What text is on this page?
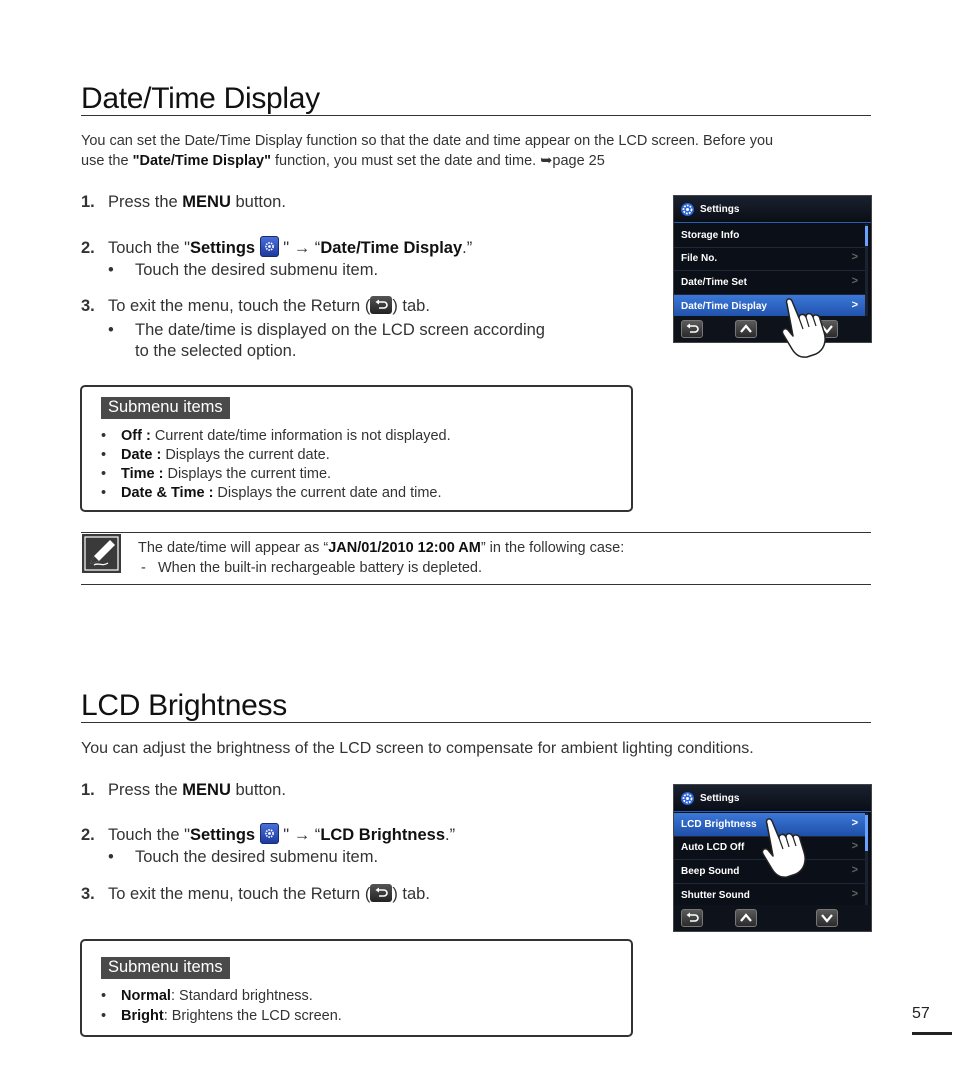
Date/Time Display
You can set the Date/Time Display function so that the date and time appear on the LCD screen. Before you
use the "Date/Time Display" function, you must set the date and time. ➥page 25
1. Press the MENU button.
2. Touch the "Settings
" → “Date/Time Display.”
• Touch the desired submenu item.
3. To exit the menu, touch the Return ( ) tab.
• The date/time is displayed on the LCD screen according
to the selected option.
Settings
Storage Info
File No.	>
Date/Time Set	>
Date/Time Display	>
Submenu items
• Off : Current date/time information is not displayed.
• Date : Displays the current date.
• Time : Displays the current time.
• Date & Time : Displays the current date and time.
The date/time will appear as “JAN/01/2010 12:00 AM” in the following case:
- When the built-in rechargeable battery is depleted.
LCD Brightness
You can adjust the brightness of the LCD screen to compensate for ambient lighting conditions.
1. Press the MENU button.
2. Touch the "Settings
" → “LCD Brightness.”
• Touch the desired submenu item.
3. To exit the menu, touch the Return ( ) tab.
Settings
LCD Brightness	>
Auto LCD Off	>
Beep Sound	>
Shutter Sound	>
Submenu items
• Normal: Standard brightness.
• Bright: Brightens the LCD screen.	57
